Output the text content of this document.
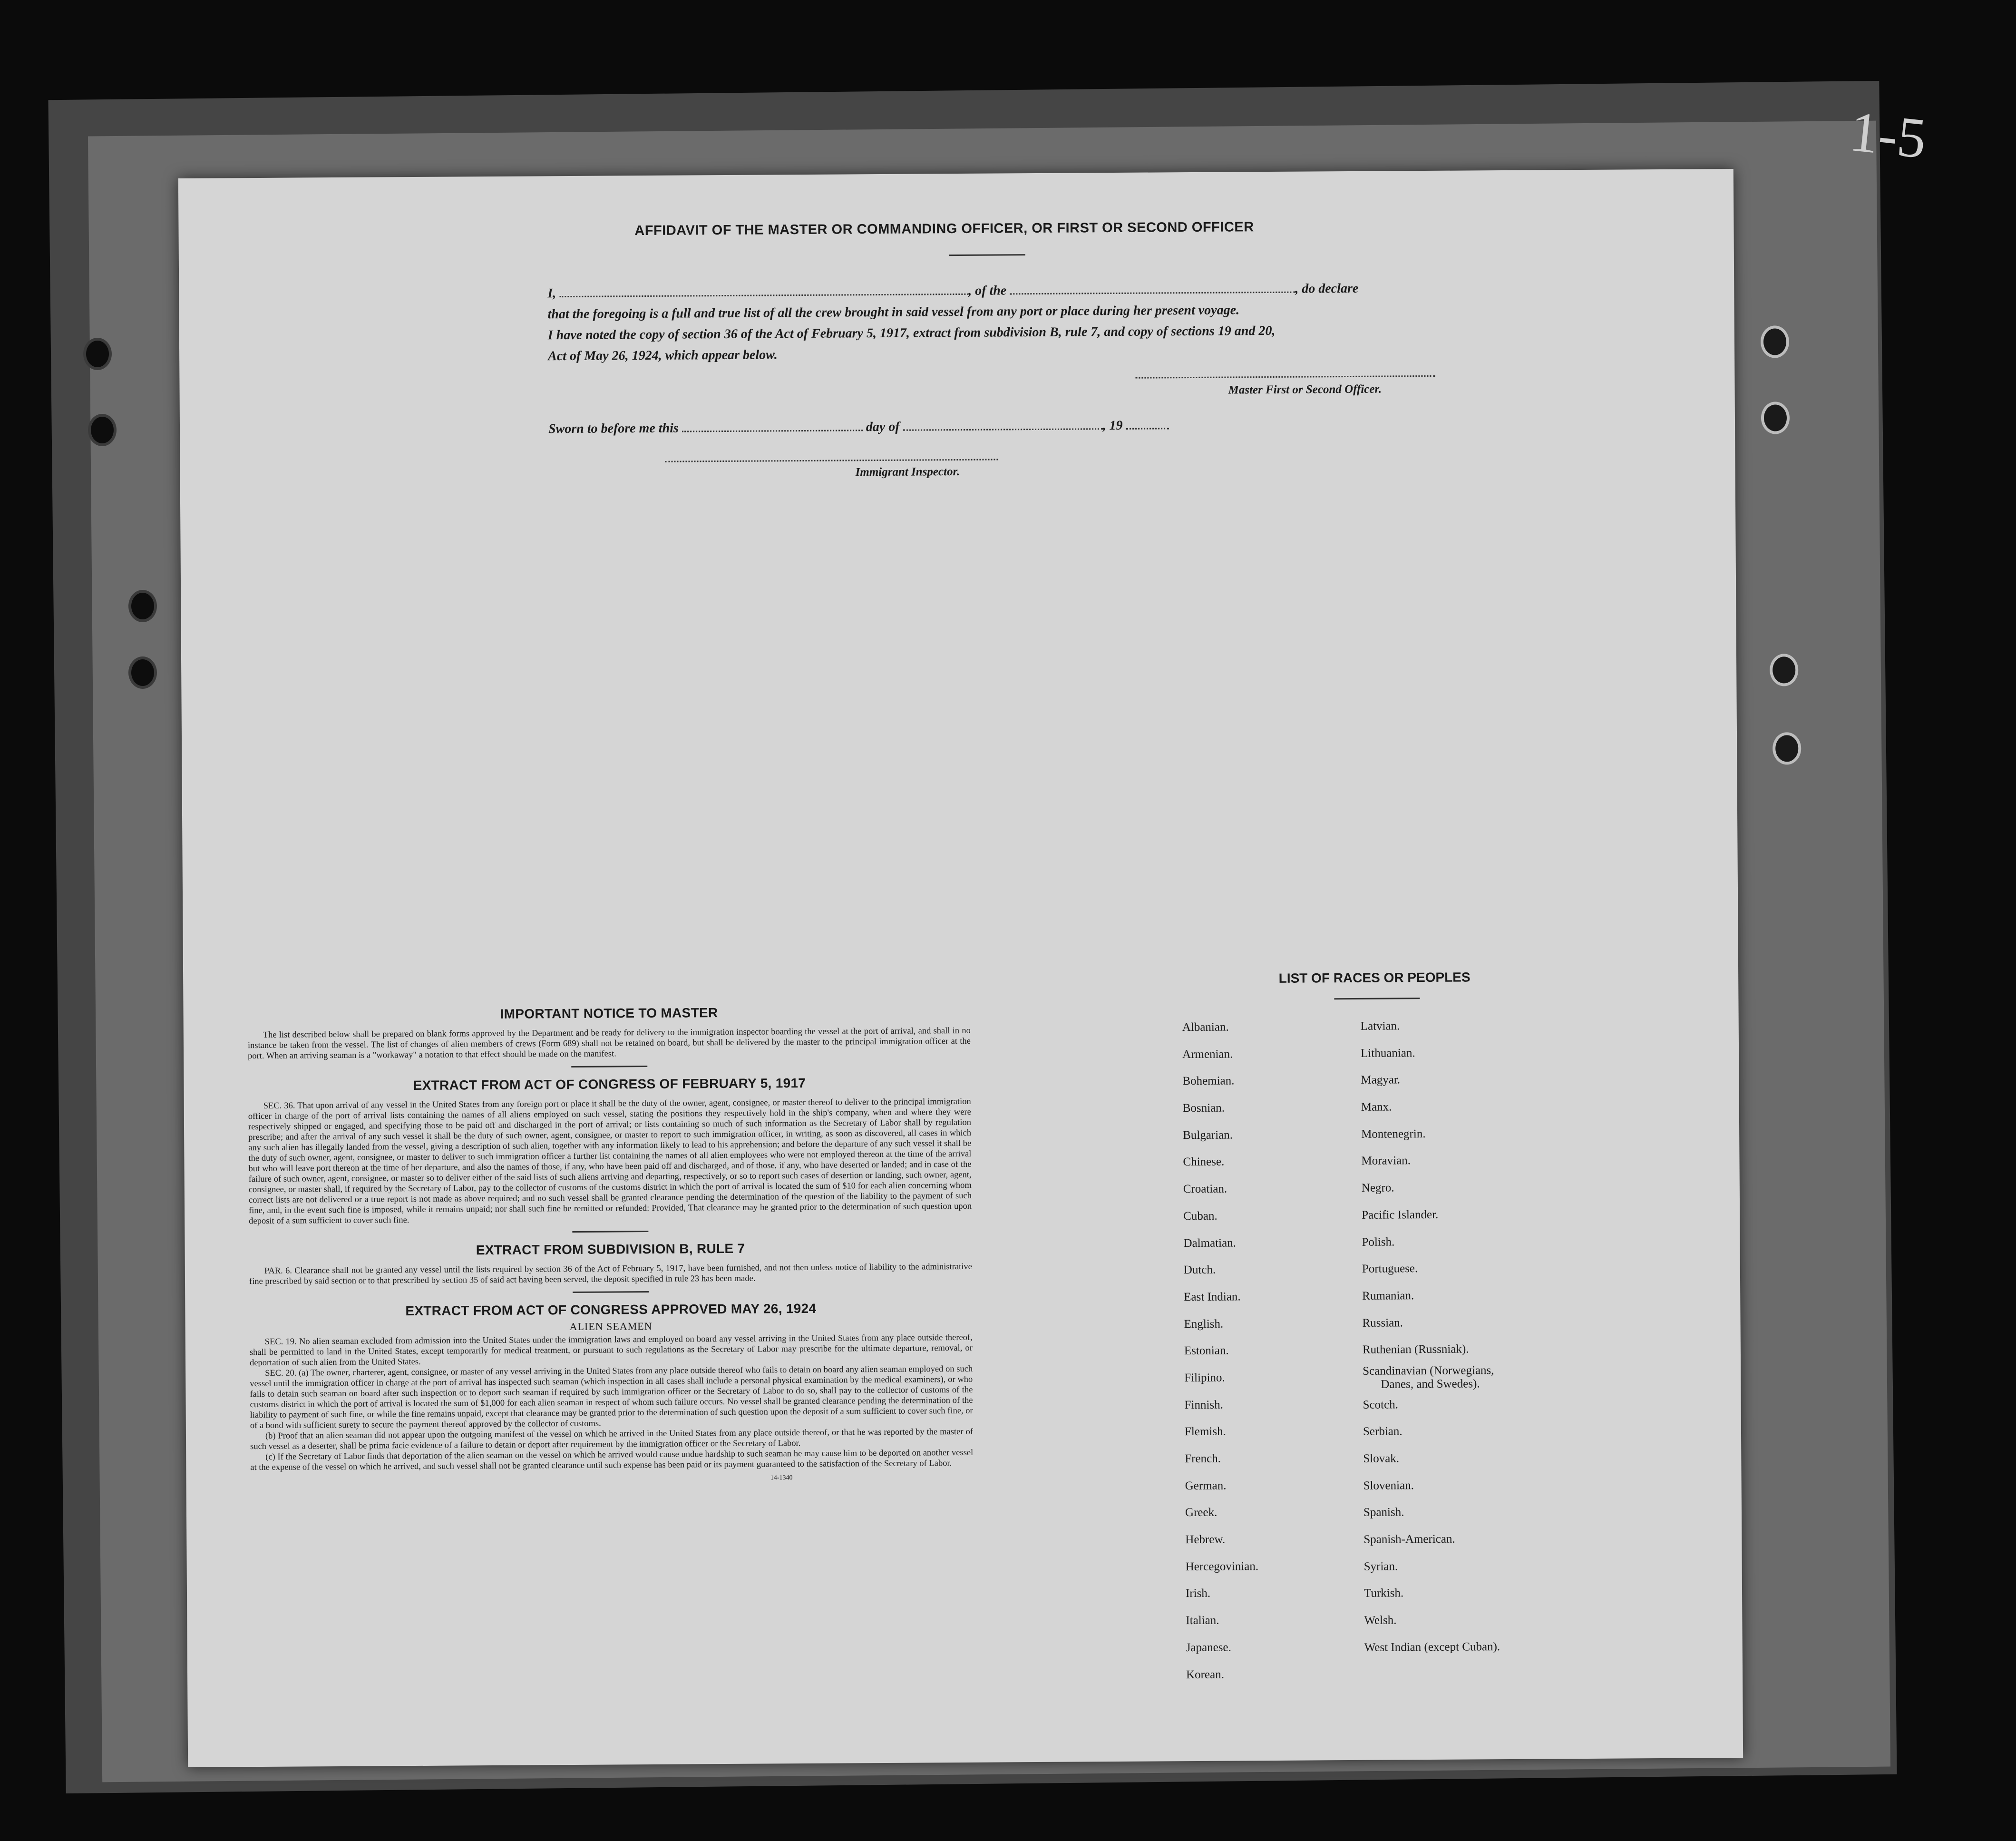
1-5
AFFIDAVIT OF THE MASTER OR COMMANDING OFFICER, OR FIRST OR SECOND OFFICER
I,	, of the	, do declare
that the foregoing is a full and true list of all the crew brought in said vessel from any port or place during her present voyage.
I have noted the copy of section 36 of the Act of February 5, 1917, extract from subdivision B, rule 7, and copy of sections 19 and 20,
Act of May 26, 1924, which appear below.
Master First or Second Officer.
Sworn to before me this	day of	, 19
Immigrant Inspector.
IMPORTANT NOTICE TO MASTER

The list described below shall be prepared on blank forms approved by the Department and be ready for delivery to the immigration inspector boarding the vessel at the port of arrival, and shall in no instance be taken from the vessel. The list of changes of alien members of crews (Form 689) shall not be retained on board, but shall be delivered by the master to the principal immigration officer at the port. When an arriving seaman is a "workaway" a notation to that effect should be made on the manifest.

EXTRACT FROM ACT OF CONGRESS OF FEBRUARY 5, 1917

SEC. 36. That upon arrival of any vessel in the United States from any foreign port or place it shall be the duty of the owner, agent, consignee, or master thereof to deliver to the principal immigration officer in charge of the port of arrival lists containing the names of all aliens employed on such vessel, stating the positions they respectively hold in the ship's company, when and where they were respectively shipped or engaged, and specifying those to be paid off and discharged in the port of arrival; or lists containing so much of such information as the Secretary of Labor shall by regulation prescribe; and after the arrival of any such vessel it shall be the duty of such owner, agent, consignee, or master to report to such immigration officer, in writing, as soon as discovered, all cases in which any such alien has illegally landed from the vessel, giving a description of such alien, together with any information likely to lead to his apprehension; and before the departure of any such vessel it shall be the duty of such owner, agent, consignee, or master to deliver to such immigration officer a further list containing the names of all alien employees who were not employed thereon at the time of the arrival but who will leave port thereon at the time of her departure, and also the names of those, if any, who have been paid off and discharged, and of those, if any, who have deserted or landed; and in case of the failure of such owner, agent, consignee, or master so to deliver either of the said lists of such aliens arriving and departing, respectively, or so to report such cases of desertion or landing, such owner, agent, consignee, or master shall, if required by the Secretary of Labor, pay to the collector of customs of the customs district in which the port of arrival is located the sum of $10 for each alien concerning whom correct lists are not delivered or a true report is not made as above required; and no such vessel shall be granted clearance pending the determination of the question of the liability to the payment of such fine, and, in the event such fine is imposed, while it remains unpaid; nor shall such fine be remitted or refunded: Provided, That clearance may be granted prior to the determination of such question upon deposit of a sum sufficient to cover such fine.

EXTRACT FROM SUBDIVISION B, RULE 7

PAR. 6. Clearance shall not be granted any vessel until the lists required by section 36 of the Act of February 5, 1917, have been furnished, and not then unless notice of liability to the administrative fine prescribed by said section or to that prescribed by section 35 of said act having been served, the deposit specified in rule 23 has been made.

EXTRACT FROM ACT OF CONGRESS APPROVED MAY 26, 1924
ALIEN SEAMEN

SEC. 19. No alien seaman excluded from admission into the United States under the immigration laws and employed on board any vessel arriving in the United States from any place outside thereof, shall be permitted to land in the United States, except temporarily for medical treatment, or pursuant to such regulations as the Secretary of Labor may prescribe for the ultimate departure, removal, or deportation of such alien from the United States.

SEC. 20. (a) The owner, charterer, agent, consignee, or master of any vessel arriving in the United States from any place outside thereof who fails to detain on board any alien seaman employed on such vessel until the immigration officer in charge at the port of arrival has inspected such seaman (which inspection in all cases shall include a personal physical examination by the medical examiners), or who fails to detain such seaman on board after such inspection or to deport such seaman if required by such immigration officer or the Secretary of Labor to do so, shall pay to the collector of customs of the customs district in which the port of arrival is located the sum of $1,000 for each alien seaman in respect of whom such failure occurs. No vessel shall be granted clearance pending the determination of the liability to payment of such fine, or while the fine remains unpaid, except that clearance may be granted prior to the determination of such question upon the deposit of a sum sufficient to cover such fine, or of a bond with sufficient surety to secure the payment thereof approved by the collector of customs.

(b) Proof that an alien seaman did not appear upon the outgoing manifest of the vessel on which he arrived in the United States from any place outside thereof, or that he was reported by the master of such vessel as a deserter, shall be prima facie evidence of a failure to detain or deport after requirement by the immigration officer or the Secretary of Labor.

(c) If the Secretary of Labor finds that deportation of the alien seaman on the vessel on which he arrived would cause undue hardship to such seaman he may cause him to be deported on another vessel at the expense of the vessel on which he arrived, and such vessel shall not be granted clearance until such expense has been paid or its payment guaranteed to the satisfaction of the Secretary of Labor.

14-1340
LIST OF RACES OR PEOPLES
Albanian.
Armenian.
Bohemian.
Bosnian.
Bulgarian.
Chinese.
Croatian.
Cuban.
Dalmatian.
Dutch.
East Indian.
English.
Estonian.
Filipino.
Finnish.
Flemish.
French.
German.
Greek.
Hebrew.
Hercegovinian.
Irish.
Italian.
Japanese.
Korean.
Latvian.
Lithuanian.
Magyar.
Manx.
Montenegrin.
Moravian.
Negro.
Pacific Islander.
Polish.
Portuguese.
Rumanian.
Russian.
Ruthenian (Russniak).
Scandinavian (Norwegians,
Danes, and Swedes).
Scotch.
Serbian.
Slovak.
Slovenian.
Spanish.
Spanish-American.
Syrian.
Turkish.
Welsh.
West Indian (except Cuban).
